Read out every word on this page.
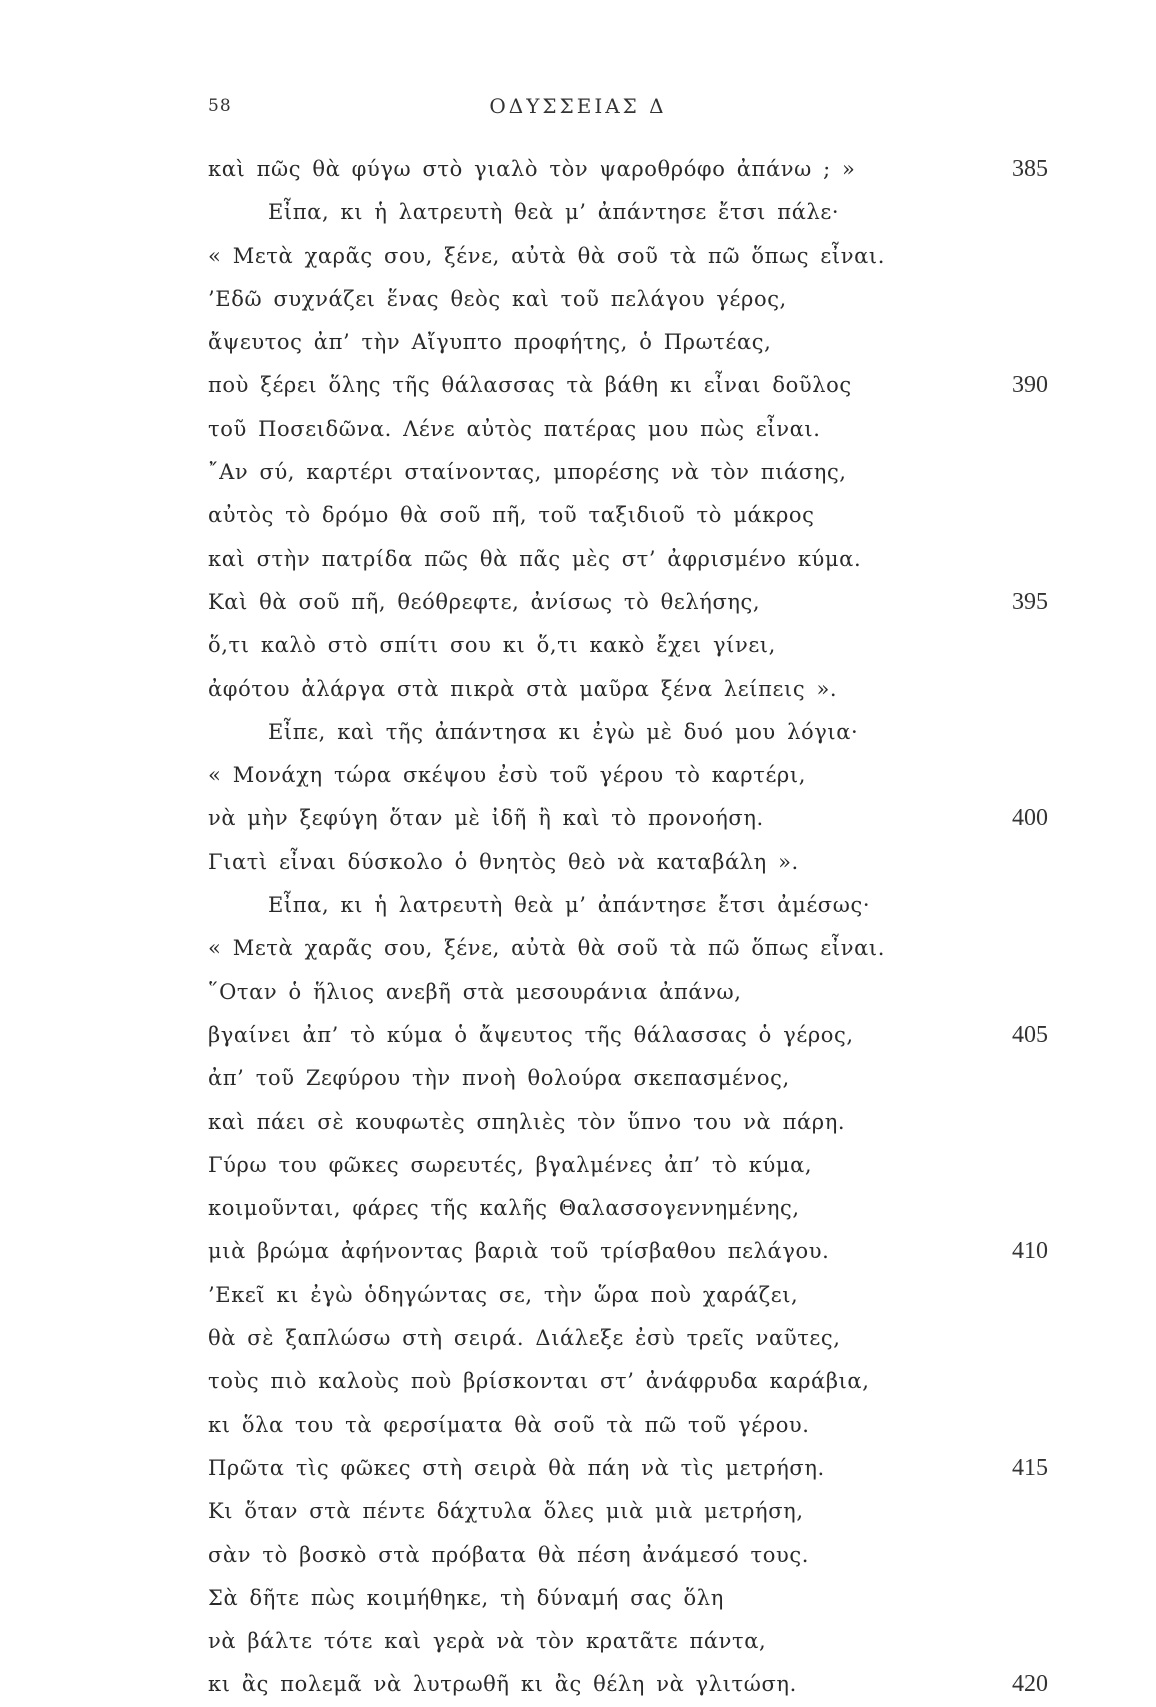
58	ΟΔΥΣΣΕΙΑΣ Δ
καὶ πῶς θὰ φύγω στὸ γιαλὸ τὸν ψαροθρόφο ἀπάνω ; »	385
Εἶπα, κι ἡ λατρευτὴ θεὰ μ’ ἀπάντησε ἔτσι πάλε·
« Μετὰ χαρᾶς σου, ξένε, αὐτὰ θὰ σοῦ τὰ πῶ ὅπως εἶναι.
’Εδῶ συχνάζει ἕνας θεὸς καὶ τοῦ πελάγου γέρος,
ἄψευτος ἀπ’ τὴν Αἴγυπτο προφήτης, ὁ Πρωτέας,
ποὺ ξέρει ὅλης τῆς θάλασσας τὰ βάθη κι εἶναι δοῦλος	390
τοῦ Ποσειδῶνα. Λένε αὐτὸς πατέρας μου πὼς εἶναι.
῎Αν σύ, καρτέρι σταίνοντας, μπορέσης νὰ τὸν πιάσης,
αὐτὸς τὸ δρόμο θὰ σοῦ πῆ, τοῦ ταξιδιοῦ τὸ μάκρος
καὶ στὴν πατρίδα πῶς θὰ πᾶς μὲς στ’ ἀφρισμένο κύμα.
Καὶ θὰ σοῦ πῆ, θεόθρεφτε, ἀνίσως τὸ θελήσης,	395
ὅ,τι καλὸ στὸ σπίτι σου κι ὅ,τι κακὸ ἔχει γίνει,
ἀφότου ἀλάργα στὰ πικρὰ στὰ μαῦρα ξένα λείπεις ».
Εἶπε, καὶ τῆς ἀπάντησα κι ἐγὼ μὲ δυό μου λόγια·
« Μονάχη τώρα σκέψου ἐσὺ τοῦ γέρου τὸ καρτέρι,
νὰ μὴν ξεφύγη ὅταν μὲ ἰδῆ ἢ καὶ τὸ προνοήση.	400
Γιατὶ εἶναι δύσκολο ὁ θνητὸς θεὸ νὰ καταβάλη ».
Εἶπα, κι ἡ λατρευτὴ θεὰ μ’ ἀπάντησε ἔτσι ἀμέσως·
« Μετὰ χαρᾶς σου, ξένε, αὐτὰ θὰ σοῦ τὰ πῶ ὅπως εἶναι.
῞Οταν ὁ ἥλιος ανεβῆ στὰ μεσουράνια ἀπάνω,
βγαίνει ἀπ’ τὸ κύμα ὁ ἄψευτος τῆς θάλασσας ὁ γέρος,	405
ἀπ’ τοῦ Ζεφύρου τὴν πνοὴ θολούρα σκεπασμένος,
καὶ πάει σὲ κουφωτὲς σπηλιὲς τὸν ὕπνο του νὰ πάρη.
Γύρω του φῶκες σωρευτές, βγαλμένες ἀπ’ τὸ κύμα,
κοιμοῦνται, φάρες τῆς καλῆς Θαλασσογεννημένης,
μιὰ βρώμα ἀφήνοντας βαριὰ τοῦ τρίσβαθου πελάγου.	410
’Εκεῖ κι ἐγὼ ὁδηγώντας σε, τὴν ὥρα ποὺ χαράζει,
θὰ σὲ ξαπλώσω στὴ σειρά. Διάλεξε ἐσὺ τρεῖς ναῦτες,
τοὺς πιὸ καλοὺς ποὺ βρίσκονται στ’ ἀνάφρυδα καράβια,
κι ὅλα του τὰ φερσίματα θὰ σοῦ τὰ πῶ τοῦ γέρου.
Πρῶτα τὶς φῶκες στὴ σειρὰ θὰ πάη νὰ τὶς μετρήση.	415
Κι ὅταν στὰ πέντε δάχτυλα ὅλες μιὰ μιὰ μετρήση,
σὰν τὸ βοσκὸ στὰ πρόβατα θὰ πέση ἀνάμεσό τους.
Σὰ δῆτε πὼς κοιμήθηκε, τὴ δύναμή σας ὅλη
νὰ βάλτε τότε καὶ γερὰ νὰ τὸν κρατᾶτε πάντα,
κι ἂς πολεμᾶ νὰ λυτρωθῆ κι ἂς θέλη νὰ γλιτώση.	420
